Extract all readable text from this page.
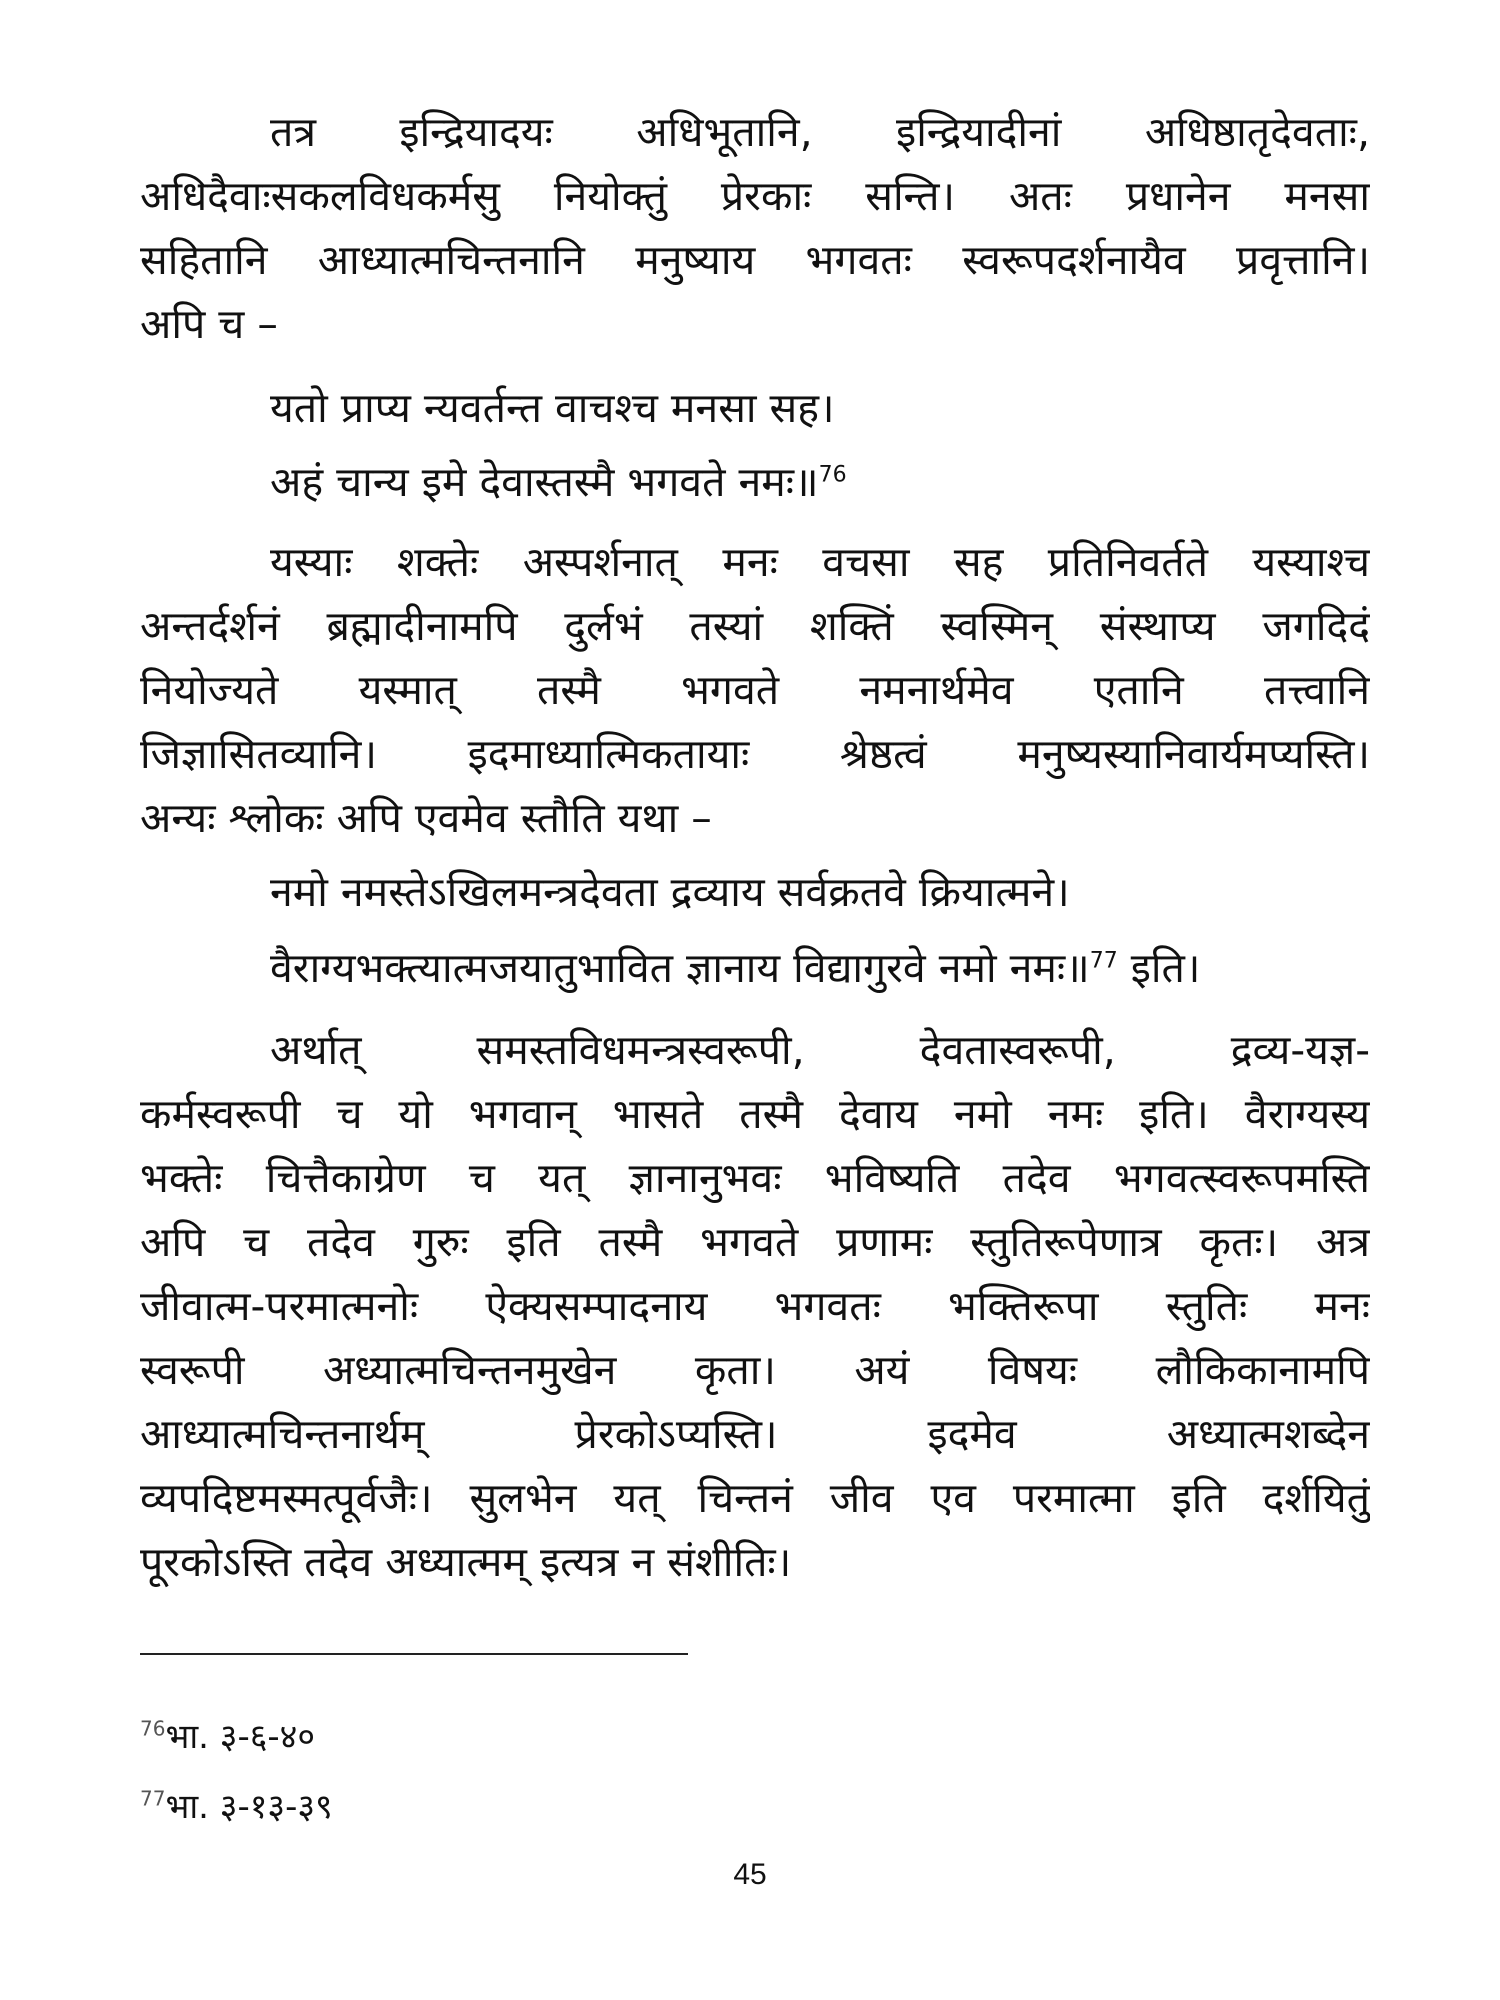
तत्र इन्द्रियादयः अधिभूतानि, इन्द्रियादीनां अधिष्ठातृदेवताः,
अधिदैवाःसकलविधकर्मसु नियोक्तुं प्रेरकाः सन्ति। अतः प्रधानेन मनसा
सहितानि आध्यात्मचिन्तनानि मनुष्याय भगवतः स्वरूपदर्शनायैव प्रवृत्तानि।
अपि च –
यतो प्राप्य न्यवर्तन्त वाचश्च मनसा सह।
अहं चान्य इमे देवास्तस्मै भगवते नमः॥$^{76}$
यस्याः शक्तेः अस्पर्शनात् मनः वचसा सह प्रतिनिवर्तते यस्याश्च
अन्तर्दर्शनं ब्रह्मादीनामपि दुर्लभं तस्यां शक्तिं स्वस्मिन् संस्थाप्य जगदिदं
नियोज्यते यस्मात् तस्मै भगवते नमनार्थमेव एतानि तत्त्वानि
जिज्ञासितव्यानि। इदमाध्यात्मिकतायाः श्रेष्ठत्वं मनुष्यस्यानिवार्यमप्यस्ति।
अन्यः श्लोकः अपि एवमेव स्तौति यथा –
नमो नमस्तेऽखिलमन्त्रदेवता द्रव्याय सर्वक्रतवे क्रियात्मने।
वैराग्यभक्त्यात्मजयातुभावित ज्ञानाय विद्यागुरवे नमो नमः॥$^{77}$ इति।
अर्थात् समस्तविधमन्त्रस्वरूपी, देवतास्वरूपी, द्रव्य-यज्ञ-
कर्मस्वरूपी च यो भगवान् भासते तस्मै देवाय नमो नमः इति। वैराग्यस्य
भक्तेः चित्तैकाग्रेण च यत् ज्ञानानुभवः भविष्यति तदेव भगवत्स्वरूपमस्ति
अपि च तदेव गुरुः इति तस्मै भगवते प्रणामः स्तुतिरूपेणात्र कृतः। अत्र
जीवात्म-परमात्मनोः ऐक्यसम्पादनाय भगवतः भक्तिरूपा स्तुतिः मनः
स्वरूपी अध्यात्मचिन्तनमुखेन कृता। अयं विषयः लौकिकानामपि
आध्यात्मचिन्तनार्थम् प्रेरकोऽप्यस्ति। इदमेव अध्यात्मशब्देन
व्यपदिष्टमस्मत्पूर्वजैः। सुलभेन यत् चिन्तनं जीव एव परमात्मा इति दर्शयितुं
पूरकोऽस्ति तदेव अध्यात्मम् इत्यत्र न संशीतिः।
$^{76}$भा. ३-६-४०
$^{77}$भा. ३-१३-३९
45
